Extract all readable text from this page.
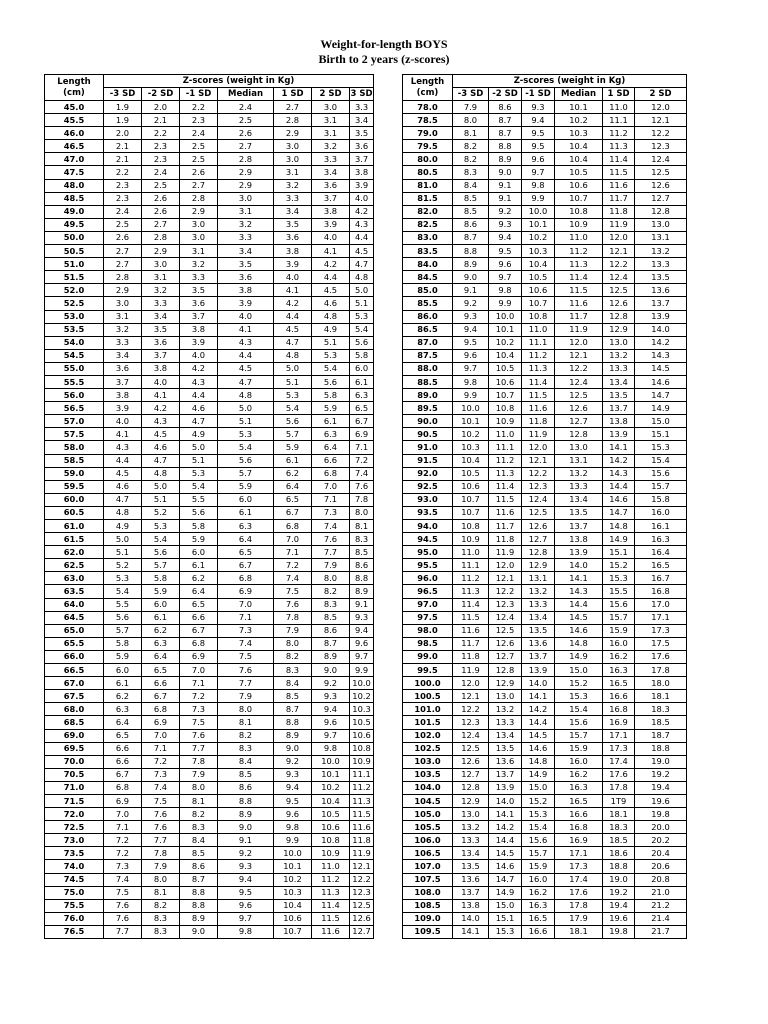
Weight-for-length BOYS
Birth to 2 years (z-scores)
Length
(cm)	Z-scores (weight in Kg)						
	-3 SD	-2 SD	-1 SD	Median	1 SD	2 SD	3 SD
45.0	1.9	2.0	2.2	2.4	2.7	3.0	3.3
45.5	1.9	2.1	2.3	2.5	2.8	3.1	3.4
46.0	2.0	2.2	2.4	2.6	2.9	3.1	3.5
46.5	2.1	2.3	2.5	2.7	3.0	3.2	3.6
47.0	2.1	2.3	2.5	2.8	3.0	3.3	3.7
47.5	2.2	2.4	2.6	2.9	3.1	3.4	3.8
48.0	2.3	2.5	2.7	2.9	3.2	3.6	3.9
48.5	2.3	2.6	2.8	3.0	3.3	3.7	4.0
49.0	2.4	2.6	2.9	3.1	3.4	3.8	4.2
49.5	2.5	2.7	3.0	3.2	3.5	3.9	4.3
50.0	2.6	2.8	3.0	3.3	3.6	4.0	4.4
50.5	2.7	2.9	3.1	3.4	3.8	4.1	4.5
51.0	2.7	3.0	3.2	3.5	3.9	4.2	4.7
51.5	2.8	3.1	3.3	3.6	4.0	4.4	4.8
52.0	2.9	3.2	3.5	3.8	4.1	4.5	5.0
52.5	3.0	3.3	3.6	3.9	4.2	4.6	5.1
53.0	3.1	3.4	3.7	4.0	4.4	4.8	5.3
53.5	3.2	3.5	3.8	4.1	4.5	4.9	5.4
54.0	3.3	3.6	3.9	4.3	4.7	5.1	5.6
54.5	3.4	3.7	4.0	4.4	4.8	5.3	5.8
55.0	3.6	3.8	4.2	4.5	5.0	5.4	6.0
55.5	3.7	4.0	4.3	4.7	5.1	5.6	6.1
56.0	3.8	4.1	4.4	4.8	5.3	5.8	6.3
56.5	3.9	4.2	4.6	5.0	5.4	5.9	6.5
57.0	4.0	4.3	4.7	5.1	5.6	6.1	6.7
57.5	4.1	4.5	4.9	5.3	5.7	6.3	6.9
58.0	4.3	4.6	5.0	5.4	5.9	6.4	7.1
58.5	4.4	4.7	5.1	5.6	6.1	6.6	7.2
59.0	4.5	4.8	5.3	5.7	6.2	6.8	7.4
59.5	4.6	5.0	5.4	5.9	6.4	7.0	7.6
60.0	4.7	5.1	5.5	6.0	6.5	7.1	7.8
60.5	4.8	5.2	5.6	6.1	6.7	7.3	8.0
61.0	4.9	5.3	5.8	6.3	6.8	7.4	8.1
61.5	5.0	5.4	5.9	6.4	7.0	7.6	8.3
62.0	5.1	5.6	6.0	6.5	7.1	7.7	8.5
62.5	5.2	5.7	6.1	6.7	7.2	7.9	8.6
63.0	5.3	5.8	6.2	6.8	7.4	8.0	8.8
63.5	5.4	5.9	6.4	6.9	7.5	8.2	8.9
64.0	5.5	6.0	6.5	7.0	7.6	8.3	9.1
64.5	5.6	6.1	6.6	7.1	7.8	8.5	9.3
65.0	5.7	6.2	6.7	7.3	7.9	8.6	9.4
65.5	5.8	6.3	6.8	7.4	8.0	8.7	9.6
66.0	5.9	6.4	6.9	7.5	8.2	8.9	9.7
66.5	6.0	6.5	7.0	7.6	8.3	9.0	9.9
67.0	6.1	6.6	7.1	7.7	8.4	9.2	10.0
67.5	6.2	6.7	7.2	7.9	8.5	9.3	10.2
68.0	6.3	6.8	7.3	8.0	8.7	9.4	10.3
68.5	6.4	6.9	7.5	8.1	8.8	9.6	10.5
69.0	6.5	7.0	7.6	8.2	8.9	9.7	10.6
69.5	6.6	7.1	7.7	8.3	9.0	9.8	10.8
70.0	6.6	7.2	7.8	8.4	9.2	10.0	10.9
70.5	6.7	7.3	7.9	8.5	9.3	10.1	11.1
71.0	6.8	7.4	8.0	8.6	9.4	10.2	11.2
71.5	6.9	7.5	8.1	8.8	9.5	10.4	11.3
72.0	7.0	7.6	8.2	8.9	9.6	10.5	11.5
72.5	7.1	7.6	8.3	9.0	9.8	10.6	11.6
73.0	7.2	7.7	8.4	9.1	9.9	10.8	11.8
73.5	7.2	7.8	8.5	9.2	10.0	10.9	11.9
74.0	7.3	7.9	8.6	9.3	10.1	11.0	12.1
74.5	7.4	8.0	8.7	9.4	10.2	11.2	12.2
75.0	7.5	8.1	8.8	9.5	10.3	11.3	12.3
75.5	7.6	8.2	8.8	9.6	10.4	11.4	12.5
76.0	7.6	8.3	8.9	9.7	10.6	11.5	12.6
76.5	7.7	8.3	9.0	9.8	10.7	11.6	12.7
Length
(cm)	Z-scores (weight in Kg)					
	-3 SD	-2 SD	-1 SD	Median	1 SD	2 SD
78.0	7.9	8.6	9.3	10.1	11.0	12.0
78.5	8.0	8.7	9.4	10.2	11.1	12.1
79.0	8.1	8.7	9.5	10.3	11.2	12.2
79.5	8.2	8.8	9.5	10.4	11.3	12.3
80.0	8.2	8.9	9.6	10.4	11.4	12.4
80.5	8.3	9.0	9.7	10.5	11.5	12.5
81.0	8.4	9.1	9.8	10.6	11.6	12.6
81.5	8.5	9.1	9.9	10.7	11.7	12.7
82.0	8.5	9.2	10.0	10.8	11.8	12.8
82.5	8.6	9.3	10.1	10.9	11.9	13.0
83.0	8.7	9.4	10.2	11.0	12.0	13.1
83.5	8.8	9.5	10.3	11.2	12.1	13.2
84.0	8.9	9.6	10.4	11.3	12.2	13.3
84.5	9.0	9.7	10.5	11.4	12.4	13.5
85.0	9.1	9.8	10.6	11.5	12.5	13.6
85.5	9.2	9.9	10.7	11.6	12.6	13.7
86.0	9.3	10.0	10.8	11.7	12.8	13.9
86.5	9.4	10.1	11.0	11.9	12.9	14.0
87.0	9.5	10.2	11.1	12.0	13.0	14.2
87.5	9.6	10.4	11.2	12.1	13.2	14.3
88.0	9.7	10.5	11.3	12.2	13.3	14.5
88.5	9.8	10.6	11.4	12.4	13.4	14.6
89.0	9.9	10.7	11.5	12.5	13.5	14.7
89.5	10.0	10.8	11.6	12.6	13.7	14.9
90.0	10.1	10.9	11.8	12.7	13.8	15.0
90.5	10.2	11.0	11.9	12.8	13.9	15.1
91.0	10.3	11.1	12.0	13.0	14.1	15.3
91.5	10.4	11.2	12.1	13.1	14.2	15.4
92.0	10.5	11.3	12.2	13.2	14.3	15.6
92.5	10.6	11.4	12.3	13.3	14.4	15.7
93.0	10.7	11.5	12.4	13.4	14.6	15.8
93.5	10.7	11.6	12.5	13.5	14.7	16.0
94.0	10.8	11.7	12.6	13.7	14.8	16.1
94.5	10.9	11.8	12.7	13.8	14.9	16.3
95.0	11.0	11.9	12.8	13.9	15.1	16.4
95.5	11.1	12.0	12.9	14.0	15.2	16.5
96.0	11.2	12.1	13.1	14.1	15.3	16.7
96.5	11.3	12.2	13.2	14.3	15.5	16.8
97.0	11.4	12.3	13.3	14.4	15.6	17.0
97.5	11.5	12.4	13.4	14.5	15.7	17.1
98.0	11.6	12.5	13.5	14.6	15.9	17.3
98.5	11.7	12.6	13.6	14.8	16.0	17.5
99.0	11.8	12.7	13.7	14.9	16.2	17.6
99.5	11.9	12.8	13.9	15.0	16.3	17.8
100.0	12.0	12.9	14.0	15.2	16.5	18.0
100.5	12.1	13.0	14.1	15.3	16.6	18.1
101.0	12.2	13.2	14.2	15.4	16.8	18.3
101.5	12.3	13.3	14.4	15.6	16.9	18.5
102.0	12.4	13.4	14.5	15.7	17.1	18.7
102.5	12.5	13.5	14.6	15.9	17.3	18.8
103.0	12.6	13.6	14.8	16.0	17.4	19.0
103.5	12.7	13.7	14.9	16.2	17.6	19.2
104.0	12.8	13.9	15.0	16.3	17.8	19.4
104.5	12.9	14.0	15.2	16.5	1T9	19.6
105.0	13.0	14.1	15.3	16.6	18.1	19.8
105.5	13.2	14.2	15.4	16.8	18.3	20.0
106.0	13.3	14.4	15.6	16.9	18.5	20.2
106.5	13.4	14.5	15.7	17.1	18.6	20.4
107.0	13.5	14.6	15.9	17.3	18.8	20.6
107.5	13.6	14.7	16.0	17.4	19.0	20.8
108.0	13.7	14.9	16.2	17.6	19.2	21.0
108.5	13.8	15.0	16.3	17.8	19.4	21.2
109.0	14.0	15.1	16.5	17.9	19.6	21.4
109.5	14.1	15.3	16.6	18.1	19.8	21.7
